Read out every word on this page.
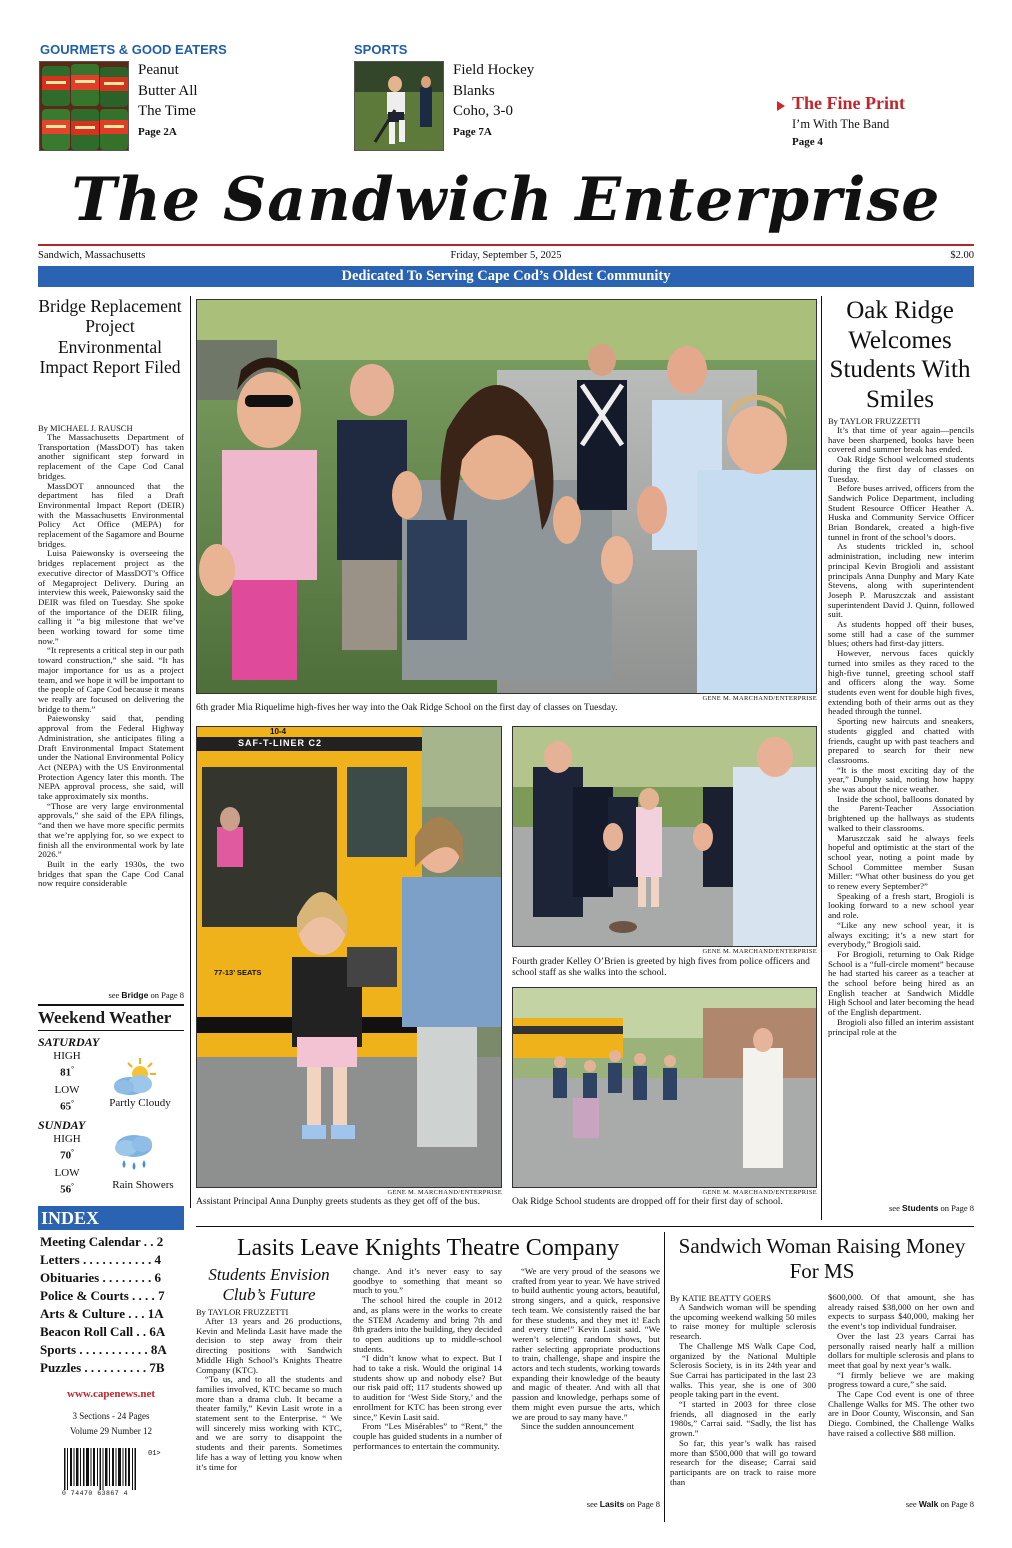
GOURMETS & GOOD EATERS
Peanut
Butter All
The Time
Page 2A
SPORTS
Field Hockey
Blanks
Coho, 3-0
Page 7A
The Fine Print
I’m With The Band
Page 4
The Sandwich Enterprise
Sandwich, Massachusetts	Friday, September 5, 2025	$2.00
Dedicated To Serving Cape Cod’s Oldest Community
Bridge Replacement Project Environmental Impact Report Filed
By MICHAEL J. RAUSCH

The Massachusetts Department of Transportation (MassDOT) has taken another significant step forward in replacement of the Cape Cod Canal bridges.

MassDOT announced that the department has filed a Draft Environmental Impact Report (DEIR) with the Massachusetts Environmental Policy Act Office (MEPA) for replacement of the Sagamore and Bourne bridges.

Luisa Paiewonsky is overseeing the bridges replacement project as the executive director of MassDOT’s Office of Megaproject Delivery. During an interview this week, Paiewonsky said the DEIR was filed on Tuesday. She spoke of the importance of the DEIR filing, calling it “a big milestone that we’ve been working toward for some time now.”

“It represents a critical step in our path toward construction,” she said. “It has major importance for us as a project team, and we hope it will be important to the people of Cape Cod because it means we really are focused on delivering the bridge to them.”

Paiewonsky said that, pending approval from the Federal Highway Administration, she anticipates filing a Draft Environmental Impact Statement under the National Environmental Policy Act (NEPA) with the US Environmental Protection Agency later this month. The NEPA approval process, she said, will take approximately six months.

“Those are very large environmental approvals,” she said of the EPA filings, “and then we have more specific permits that we’re applying for, so we expect to finish all the environmental work by late 2026.”

Built in the early 1930s, the two bridges that span the Cape Cod Canal now require considerable

see Bridge on Page 8
Weekend Weather
SATURDAY
HIGH
81°
LOW
65°	Partly Cloudy
SUNDAY
HIGH
70°
LOW
56°	Rain Showers
INDEX
Meeting Calendar . . 2
Letters . . . . . . . . . . . 4
Obituaries . . . . . . . . 6
Police & Courts . . . . 7
Arts & Culture . . . 1A
Beacon Roll Call . . 6A
Sports . . . . . . . . . . . 8A
Puzzles . . . . . . . . . . 7B
www.capenews.net
3 Sections - 24 Pages
Volume 29 Number 12
0 74470 63867 4
01>
GENE M. MARCHAND/ENTERPRISE
6th grader Mia Riquelime high-fives her way into the Oak Ridge School on the first day of classes on Tuesday.
SAF-T-LINER C2
10-4
77-13’ SEATS
GENE M. MARCHAND/ENTERPRISE
Assistant Principal Anna Dunphy greets students as they get off of the bus.
GENE M. MARCHAND/ENTERPRISE
Fourth grader Kelley O’Brien is greeted by high fives from police officers and school staff as she walks into the school.
GENE M. MARCHAND/ENTERPRISE
Oak Ridge School students are dropped off for their first day of school.
Oak Ridge Welcomes Students With Smiles
By TAYLOR FRUZZETTI

It’s that time of year again—pencils have been sharpened, books have been covered and summer break has ended.

Oak Ridge School welcomed students during the first day of classes on Tuesday.

Before buses arrived, officers from the Sandwich Police Department, including Student Resource Officer Heather A. Huska and Community Service Officer Brian Bondarek, created a high-five tunnel in front of the school’s doors.

As students trickled in, school administration, including new interim principal Kevin Brogioli and assistant principals Anna Dunphy and Mary Kate Stevens, along with superintendent Joseph P. Maruszczak and assistant superintendent David J. Quinn, followed suit.

As students hopped off their buses, some still had a case of the summer blues; others had first-day jitters.

However, nervous faces quickly turned into smiles as they raced to the high-five tunnel, greeting school staff and officers along the way. Some students even went for double high fives, extending both of their arms out as they headed through the tunnel.

Sporting new haircuts and sneakers, students giggled and chatted with friends, caught up with past teachers and prepared to search for their new classrooms.

“It is the most exciting day of the year,” Dunphy said, noting how happy she was about the nice weather.

Inside the school, balloons donated by the Parent-Teacher Association brightened up the hallways as students walked to their classrooms.

Maruszczak said he always feels hopeful and optimistic at the start of the school year, noting a point made by School Committee member Susan Miller: “What other business do you get to renew every September?”

Speaking of a fresh start, Brogioli is looking forward to a new school year and role.

“Like any new school year, it is always exciting; it’s a new start for everybody,” Brogioli said.

For Brogioli, returning to Oak Ridge School is a “full-circle moment” because he had started his career as a teacher at the school before being hired as an English teacher at Sandwich Middle High School and later becoming the head of the English department.

Brogioli also filled an interim assistant principal role at the

see Students on Page 8
Lasits Leave Knights Theatre Company
Students Envision Club’s Future
By TAYLOR FRUZZETTI

After 13 years and 26 productions, Kevin and Melinda Lasit have made the decision to step away from their directing positions with Sandwich Middle High School’s Knights Theatre Company (KTC).

“To us, and to all the students and families involved, KTC became so much more than a drama club. It became a theater family,” Kevin Lasit wrote in a statement sent to the Enterprise. “ We will sincerely miss working with KTC, and we are sorry to disappoint the students and their parents. Sometimes life has a way of letting you know when it’s time for

change. And it’s never easy to say goodbye to something that meant so much to you.”

The school hired the couple in 2012 and, as plans were in the works to create the STEM Academy and bring 7th and 8th graders into the building, they decided to open auditions up to middle-school students.

“I didn’t know what to expect. But I had to take a risk. Would the original 14 students show up and nobody else? But our risk paid off; 117 students showed up to audition for ‘West Side Story,’ and the enrollment for KTC has been strong ever since,” Kevin Lasit said.

From “Les Misérables” to “Rent,” the couple has guided students in a number of performances to entertain the community.

“We are very proud of the seasons we crafted from year to year. We have strived to build authentic young actors, beautiful, strong singers, and a quick, responsive tech team. We consistently raised the bar for these students, and they met it! Each and every time!” Kevin Lasit said. “We weren’t selecting random shows, but rather selecting appropriate productions to train, challenge, shape and inspire the actors and tech students, working towards expanding their knowledge of the beauty and magic of theater. And with all that passion and knowledge, perhaps some of them might even pursue the arts, which we are proud to say many have.”

Since the sudden announcement

see Lasits on Page 8
Sandwich Woman Raising Money For MS
By KATIE BEATTY GOERS

A Sandwich woman will be spending the upcoming weekend walking 50 miles to raise money for multiple sclerosis research.

The Challenge MS Walk Cape Cod, organized by the National Multiple Sclerosis Society, is in its 24th year and Sue Carrai has participated in the last 23 walks. This year, she is one of 300 people taking part in the event.

“I started in 2003 for three close friends, all diagnosed in the early 1980s,” Carrai said. “Sadly, the list has grown.”

So far, this year’s walk has raised more than $500,000 that will go toward research for the disease; Carrai said participants are on track to raise more than

$600,000. Of that amount, she has already raised $38,000 on her own and expects to surpass $40,000, making her the event’s top individual fundraiser.

Over the last 23 years Carrai has personally raised nearly half a million dollars for multiple sclerosis and plans to meet that goal by next year’s walk.

“I firmly believe we are making progress toward a cure,” she said.

The Cape Cod event is one of three Challenge Walks for MS. The other two are in Door County, Wisconsin, and San Diego. Combined, the Challenge Walks have raised a collective $88 million.

see Walk on Page 8
